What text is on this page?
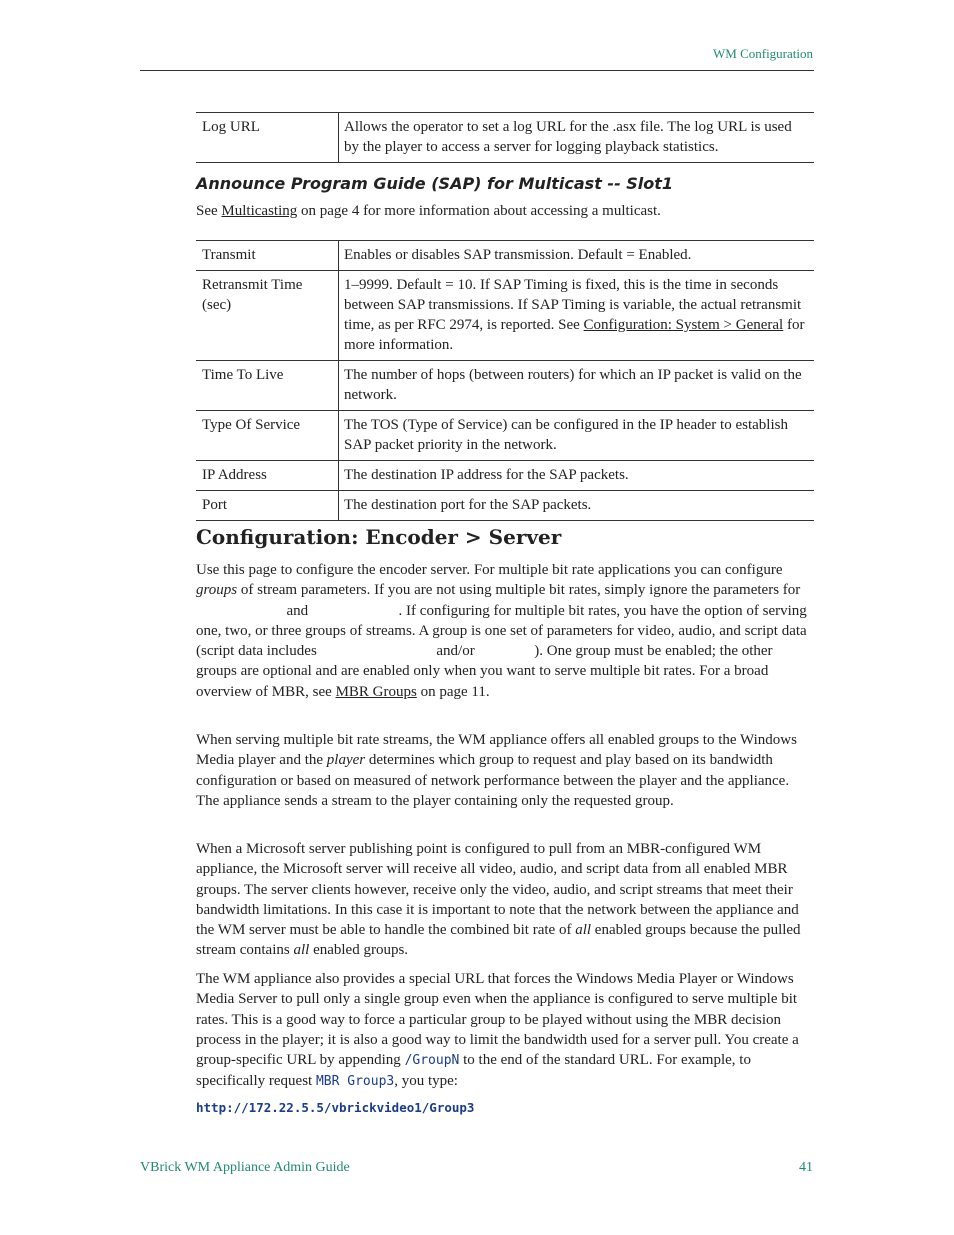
WM Configuration
Log URL	Allows the operator to set a log URL for the .asx file. The log URL is used by the player to access a server for logging playback statistics.
Announce Program Guide (SAP) for Multicast -- Slot1
See Multicasting on page 4 for more information about accessing a multicast.
Transmit	Enables or disables SAP transmission. Default = Enabled.
Retransmit Time (sec)	1–9999. Default = 10. If SAP Timing is fixed, this is the time in seconds between SAP transmissions. If SAP Timing is variable, the actual retransmit time, as per RFC 2974, is reported. See Configuration: System > General for more information.
Time To Live	The number of hops (between routers) for which an IP packet is valid on the network.
Type Of Service	The TOS (Type of Service) can be configured in the IP header to establish SAP packet priority in the network.
IP Address	The destination IP address for the SAP packets.
Port	The destination port for the SAP packets.
Configuration: Encoder > Server

Use this page to configure the encoder server. For multiple bit rate applications you can configure groups of stream parameters. If you are not using multiple bit rates, simply ignore the parameters for and	. If configuring for multiple bit rates, you have the option of serving one, two, or three groups of streams. A group is one set of parameters for video, audio, and script data (script data includes	and/or	). One group must be enabled; the other groups are optional and are enabled only when you want to serve multiple bit rates. For a broad overview of MBR, see MBR Groups on page 11.

When serving multiple bit rate streams, the WM appliance offers all enabled groups to the Windows Media player and the player determines which group to request and play based on its bandwidth configuration or based on measured of network performance between the player and the appliance. The appliance sends a stream to the player containing only the requested group.

When a Microsoft server publishing point is configured to pull from an MBR-configured WM appliance, the Microsoft server will receive all video, audio, and script data from all enabled MBR groups. The server clients however, receive only the video, audio, and script streams that meet their bandwidth limitations. In this case it is important to note that the network between the appliance and the WM server must be able to handle the combined bit rate of all enabled groups because the pulled stream contains all enabled groups.

The WM appliance also provides a special URL that forces the Windows Media Player or Windows Media Server to pull only a single group even when the appliance is configured to serve multiple bit rates. This is a good way to force a particular group to be played without using the MBR decision process in the player; it is also a good way to limit the bandwidth used for a server pull. You create a group-specific URL by appending /GroupN to the end of the standard URL. For example, to specifically request MBR Group3, you type:

http://172.22.5.5/vbrickvideo1/Group3
VBrick WM Appliance Admin Guide	41
